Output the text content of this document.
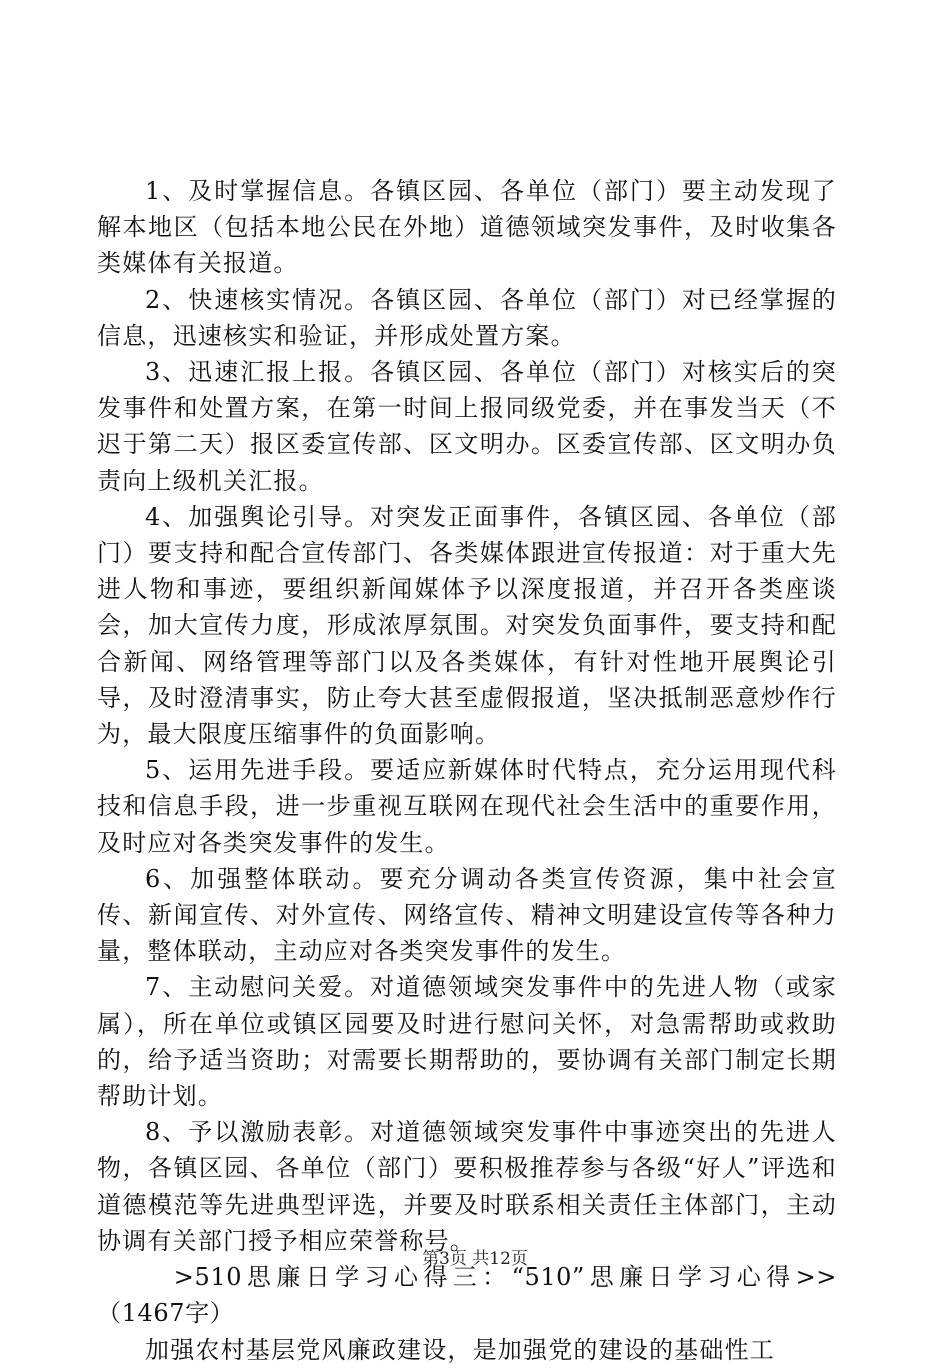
1、及时掌握信息。各镇区园、各单位（部门）要主动发现了解本地区（包括本地公民在外地）道德领域突发事件，及时收集各类媒体有关报道。

2、快速核实情况。各镇区园、各单位（部门）对已经掌握的信息，迅速核实和验证，并形成处置方案。

3、迅速汇报上报。各镇区园、各单位（部门）对核实后的突发事件和处置方案，在第一时间上报同级党委，并在事发当天（不迟于第二天）报区委宣传部、区文明办。区委宣传部、区文明办负责向上级机关汇报。

4、加强舆论引导。对突发正面事件，各镇区园、各单位（部门）要支持和配合宣传部门、各类媒体跟进宣传报道：对于重大先进人物和事迹，要组织新闻媒体予以深度报道，并召开各类座谈会，加大宣传力度，形成浓厚氛围。对突发负面事件，要支持和配合新闻、网络管理等部门以及各类媒体，有针对性地开展舆论引导，及时澄清事实，防止夸大甚至虚假报道，坚决抵制恶意炒作行为，最大限度压缩事件的负面影响。

5、运用先进手段。要适应新媒体时代特点，充分运用现代科技和信息手段，进一步重视互联网在现代社会生活中的重要作用，及时应对各类突发事件的发生。

6、加强整体联动。要充分调动各类宣传资源，集中社会宣传、新闻宣传、对外宣传、网络宣传、精神文明建设宣传等各种力量，整体联动，主动应对各类突发事件的发生。

7、主动慰问关爱。对道德领域突发事件中的先进人物（或家属），所在单位或镇区园要及时进行慰问关怀，对急需帮助或救助的，给予适当资助；对需要长期帮助的，要协调有关部门制定长期帮助计划。

8、予以激励表彰。对道德领域突发事件中事迹突出的先进人物，各镇区园、各单位（部门）要积极推荐参与各级“好人”评选和道德模范等先进典型评选，并要及时联系相关责任主体部门，主动协调有关部门授予相应荣誉称号。

>510思廉日学习心得三：“510”思廉日学习心得>>（1467字）

加强农村基层党风廉政建设，是加强党的建设的基础性工

第3页 共12页
